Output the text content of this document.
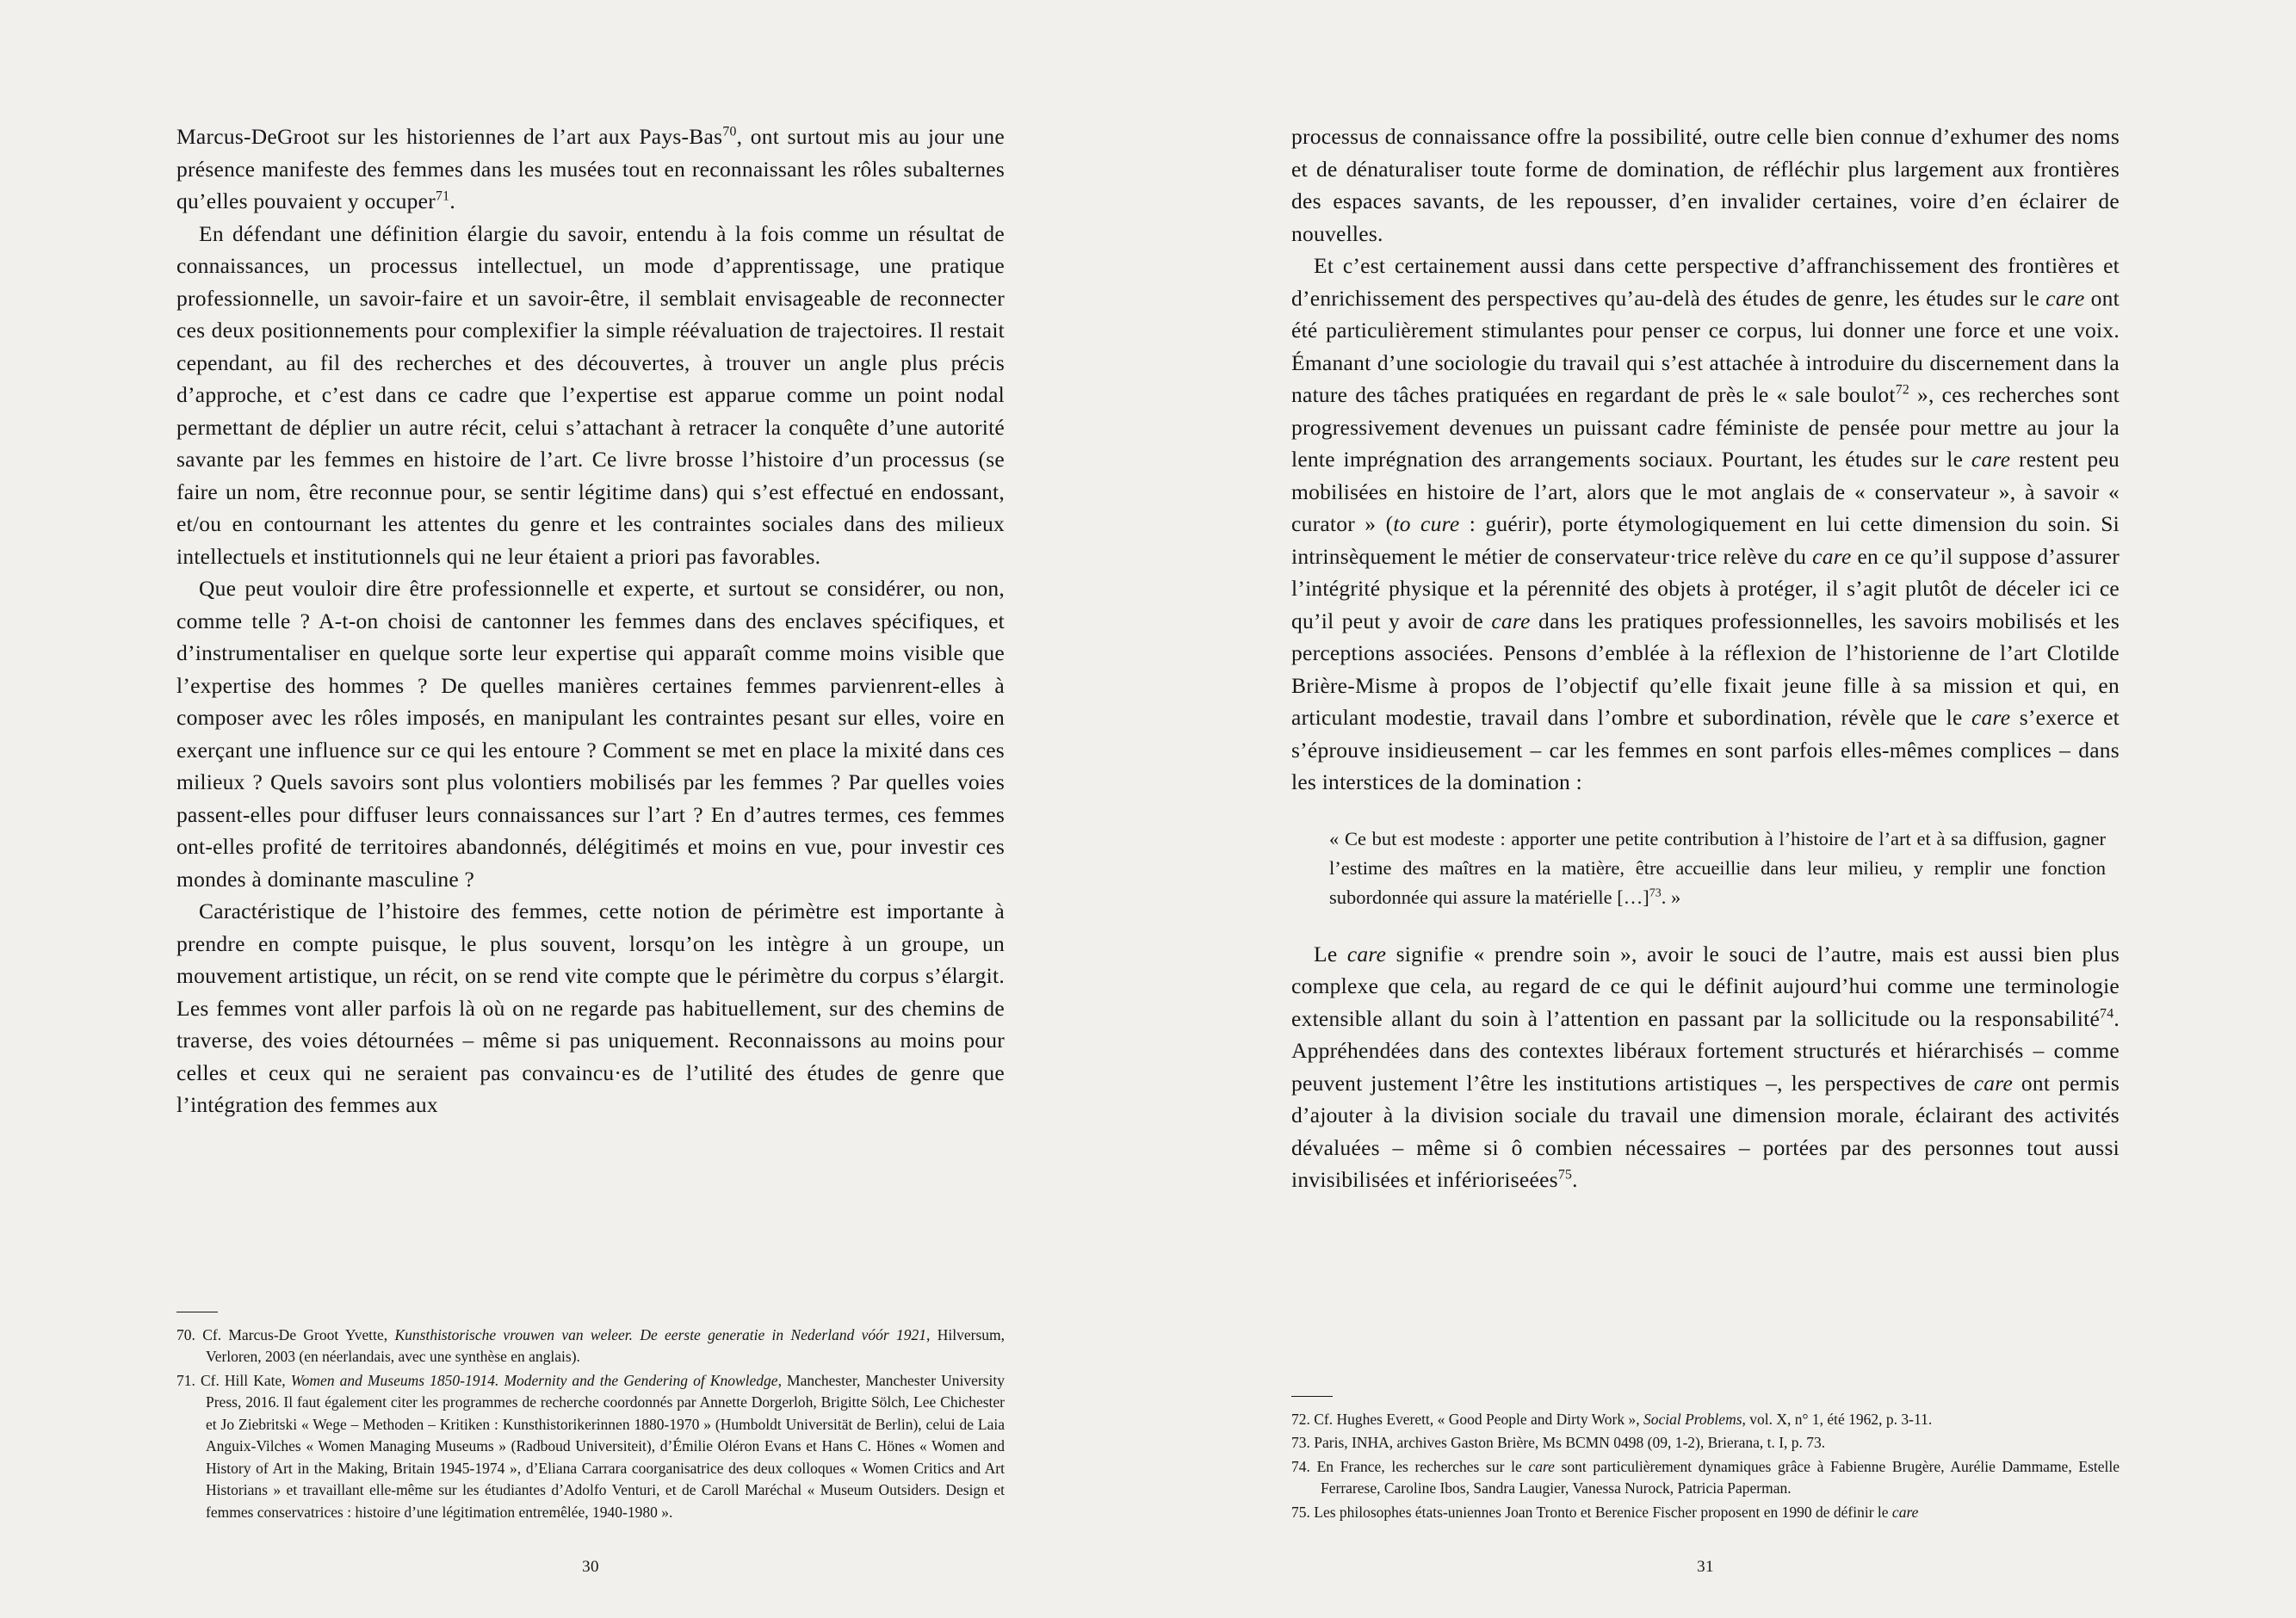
Marcus-DeGroot sur les historiennes de l’art aux Pays-Bas$^{70}$, ont surtout mis au jour une présence manifeste des femmes dans les musées tout en reconnaissant les rôles subalternes qu’elles pouvaient y occuper$^{71}$.

En défendant une définition élargie du savoir, entendu à la fois comme un résultat de connaissances, un processus intellectuel, un mode d’apprentissage, une pratique professionnelle, un savoir-faire et un savoir-être, il semblait envisageable de reconnecter ces deux positionnements pour complexifier la simple réévaluation de trajectoires. Il restait cependant, au fil des recherches et des découvertes, à trouver un angle plus précis d’approche, et c’est dans ce cadre que l’expertise est apparue comme un point nodal permettant de déplier un autre récit, celui s’attachant à retracer la conquête d’une autorité savante par les femmes en histoire de l’art. Ce livre brosse l’histoire d’un processus (se faire un nom, être reconnue pour, se sentir légitime dans) qui s’est effectué en endossant, et/ou en contournant les attentes du genre et les contraintes sociales dans des milieux intellectuels et institutionnels qui ne leur étaient a priori pas favorables.

Que peut vouloir dire être professionnelle et experte, et surtout se considérer, ou non, comme telle ? A-t-on choisi de cantonner les femmes dans des enclaves spécifiques, et d’instrumentaliser en quelque sorte leur expertise qui apparaît comme moins visible que l’expertise des hommes ? De quelles manières certaines femmes parvienrent-elles à composer avec les rôles imposés, en manipulant les contraintes pesant sur elles, voire en exerçant une influence sur ce qui les entoure ? Comment se met en place la mixité dans ces milieux ? Quels savoirs sont plus volontiers mobilisés par les femmes ? Par quelles voies passent-elles pour diffuser leurs connaissances sur l’art ? En d’autres termes, ces femmes ont-elles profité de territoires abandonnés, délégitimés et moins en vue, pour investir ces mondes à dominante masculine ?

Caractéristique de l’histoire des femmes, cette notion de périmètre est importante à prendre en compte puisque, le plus souvent, lorsqu’on les intègre à un groupe, un mouvement artistique, un récit, on se rend vite compte que le périmètre du corpus s’élargit. Les femmes vont aller parfois là où on ne regarde pas habituellement, sur des chemins de traverse, des voies détournées – même si pas uniquement. Reconnaissons au moins pour celles et ceux qui ne seraient pas convaincu·es de l’utilité des études de genre que l’intégration des femmes aux

70. Cf. Marcus-De Groot Yvette, Kunsthistorische vrouwen van weleer. De eerste generatie in Nederland vóór 1921, Hilversum, Verloren, 2003 (en néerlandais, avec une synthèse en anglais).

71. Cf. Hill Kate, Women and Museums 1850-1914. Modernity and the Gendering of Knowledge, Manchester, Manchester University Press, 2016. Il faut également citer les programmes de recherche coordonnés par Annette Dorgerloh, Brigitte Sölch, Lee Chichester et Jo Ziebritski « Wege – Methoden – Kritiken : Kunsthistorikerinnen 1880-1970 » (Humboldt Universität de Berlin), celui de Laia Anguix-Vilches « Women Managing Museums » (Radboud Universiteit), d’Émilie Oléron Evans et Hans C. Hönes « Women and History of Art in the Making, Britain 1945-1974 », d’Eliana Carrara coorganisatrice des deux colloques « Women Critics and Art Historians » et travaillant elle-même sur les étudiantes d’Adolfo Venturi, et de Caroll Maréchal « Museum Outsiders. Design et femmes conservatrices : histoire d’une légitimation entremêlée, 1940-1980 ».

30

processus de connaissance offre la possibilité, outre celle bien connue d’exhumer des noms et de dénaturaliser toute forme de domination, de réfléchir plus largement aux frontières des espaces savants, de les repousser, d’en invalider certaines, voire d’en éclairer de nouvelles.

Et c’est certainement aussi dans cette perspective d’affranchissement des frontières et d’enrichissement des perspectives qu’au-delà des études de genre, les études sur le care ont été particulièrement stimulantes pour penser ce corpus, lui donner une force et une voix. Émanant d’une sociologie du travail qui s’est attachée à introduire du discernement dans la nature des tâches pratiquées en regardant de près le « sale boulot$^{72}$ », ces recherches sont progressivement devenues un puissant cadre féministe de pensée pour mettre au jour la lente imprégnation des arrangements sociaux. Pourtant, les études sur le care restent peu mobilisées en histoire de l’art, alors que le mot anglais de « conservateur », à savoir « curator » (to cure : guérir), porte étymologiquement en lui cette dimension du soin. Si intrinsèquement le métier de conservateur·trice relève du care en ce qu’il suppose d’assurer l’intégrité physique et la pérennité des objets à protéger, il s’agit plutôt de déceler ici ce qu’il peut y avoir de care dans les pratiques professionnelles, les savoirs mobilisés et les perceptions associées. Pensons d’emblée à la réflexion de l’historienne de l’art Clotilde Brière-Misme à propos de l’objectif qu’elle fixait jeune fille à sa mission et qui, en articulant modestie, travail dans l’ombre et subordination, révèle que le care s’exerce et s’éprouve insidieusement – car les femmes en sont parfois elles-mêmes complices – dans les interstices de la domination :

« Ce but est modeste : apporter une petite contribution à l’histoire de l’art et à sa diffusion, gagner l’estime des maîtres en la matière, être accueillie dans leur milieu, y remplir une fonction subordonnée qui assure la matérielle […]$^{73}$. »

Le care signifie « prendre soin », avoir le souci de l’autre, mais est aussi bien plus complexe que cela, au regard de ce qui le définit aujourd’hui comme une terminologie extensible allant du soin à l’attention en passant par la sollicitude ou la responsabilité$^{74}$. Appréhendées dans des contextes libéraux fortement structurés et hiérarchisés – comme peuvent justement l’être les institutions artistiques –, les perspectives de care ont permis d’ajouter à la division sociale du travail une dimension morale, éclairant des activités dévaluées – même si ô combien nécessaires – portées par des personnes tout aussi invisibilisées et inférioriseées$^{75}$.

72. Cf. Hughes Everett, « Good People and Dirty Work », Social Problems, vol. X, n° 1, été 1962, p. 3-11.

73. Paris, INHA, archives Gaston Brière, Ms BCMN 0498 (09, 1-2), Brierana, t. I, p. 73.

74. En France, les recherches sur le care sont particulièrement dynamiques grâce à Fabienne Brugère, Aurélie Dammame, Estelle Ferrarese, Caroline Ibos, Sandra Laugier, Vanessa Nurock, Patricia Paperman.

75. Les philosophes états-uniennes Joan Tronto et Berenice Fischer proposent en 1990 de définir le care

31
